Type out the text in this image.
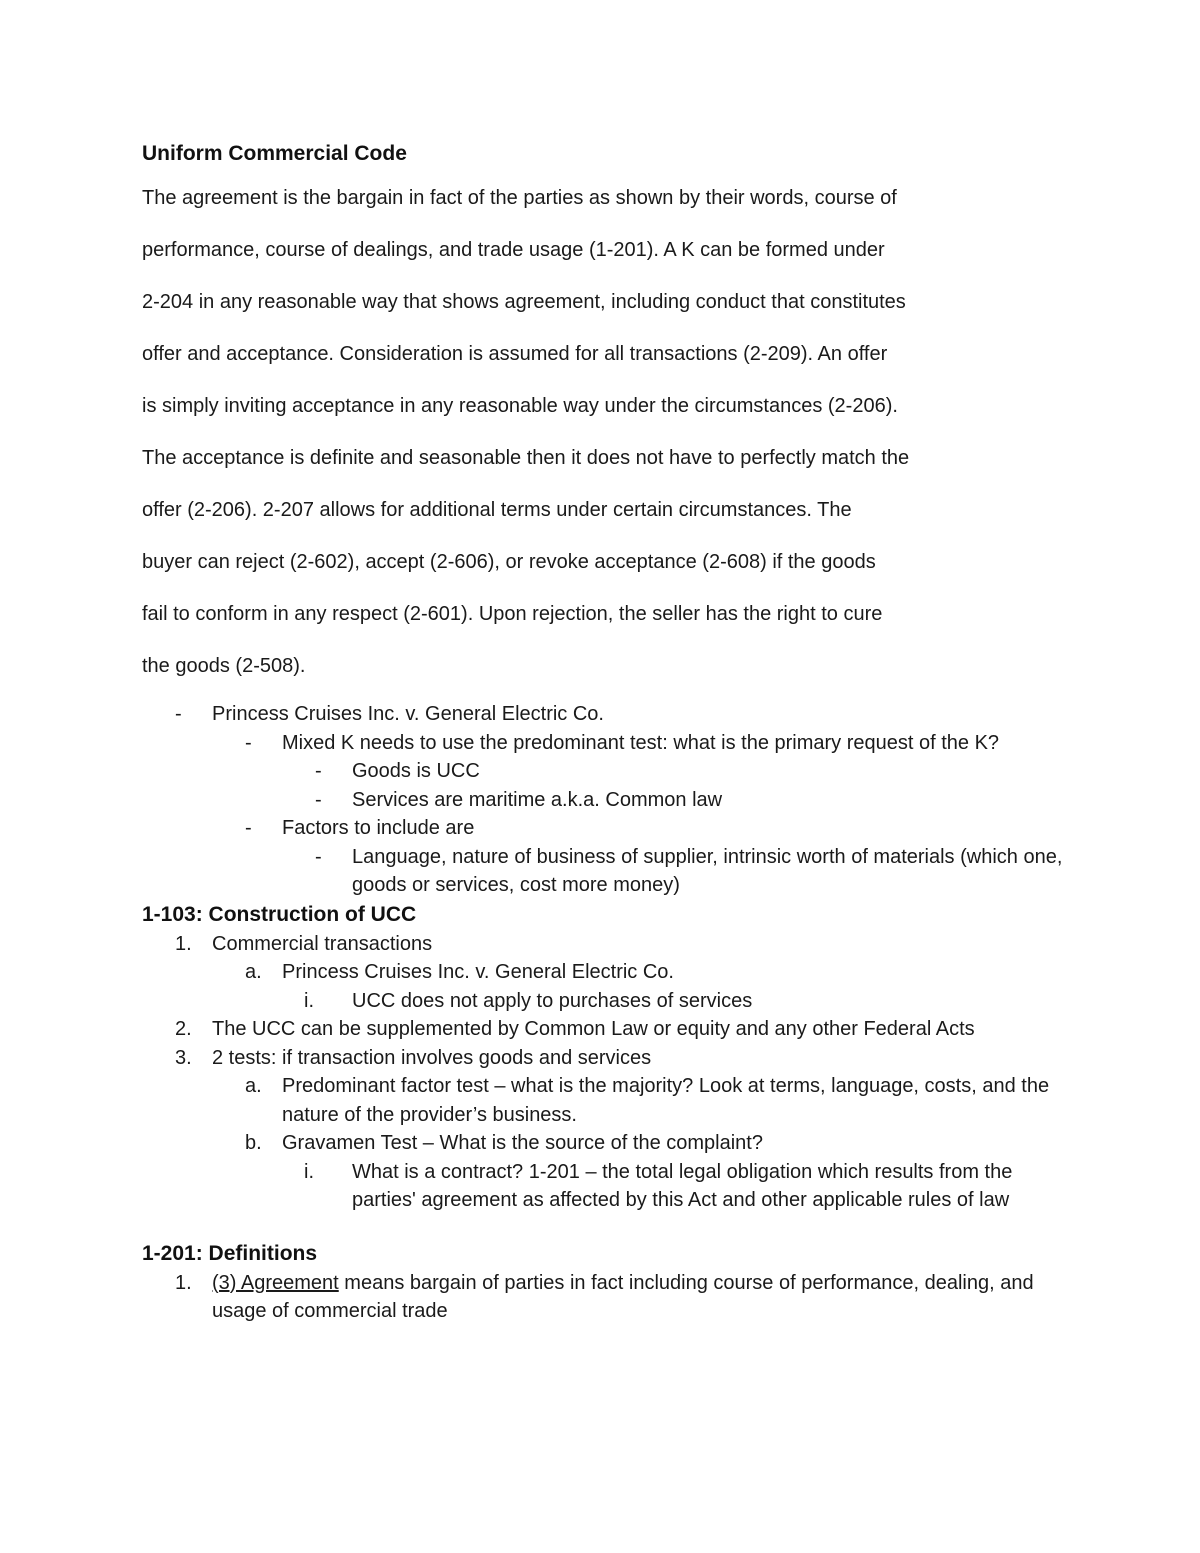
Uniform Commercial Code

The agreement is the bargain in fact of the parties as shown by their words, course of

performance, course of dealings, and trade usage (1-201). A K can be formed under

2-204 in any reasonable way that shows agreement, including conduct that constitutes

offer and acceptance. Consideration is assumed for all transactions (2-209). An offer

is simply inviting acceptance in any reasonable way under the circumstances (2-206).

The acceptance is definite and seasonable then it does not have to perfectly match the

offer (2-206). 2-207 allows for additional terms under certain circumstances. The

buyer can reject (2-602), accept (2-606), or revoke acceptance (2-608) if the goods

fail to conform in any respect (2-601). Upon rejection, the seller has the right to cure

the goods (2-508).

- Princess Cruises Inc. v. General Electric Co.
- Mixed K needs to use the predominant test: what is the primary request of the K?
- Goods is UCC
- Services are maritime a.k.a. Common law
- Factors to include are
- Language, nature of business of supplier, intrinsic worth of materials (which one, goods or services, cost more money)
1-103: Construction of UCC
1. Commercial transactions
a. Princess Cruises Inc. v. General Electric Co.
i. UCC does not apply to purchases of services
2. The UCC can be supplemented by Common Law or equity and any other Federal Acts
3. 2 tests: if transaction involves goods and services
a. Predominant factor test – what is the majority? Look at terms, language, costs, and the nature of the provider’s business.
b. Gravamen Test – What is the source of the complaint?
i. What is a contract? 1-201 – the total legal obligation which results from the parties' agreement as affected by this Act and other applicable rules of law
1-201: Definitions
1. (3) Agreement means bargain of parties in fact including course of performance, dealing, and usage of commercial trade
